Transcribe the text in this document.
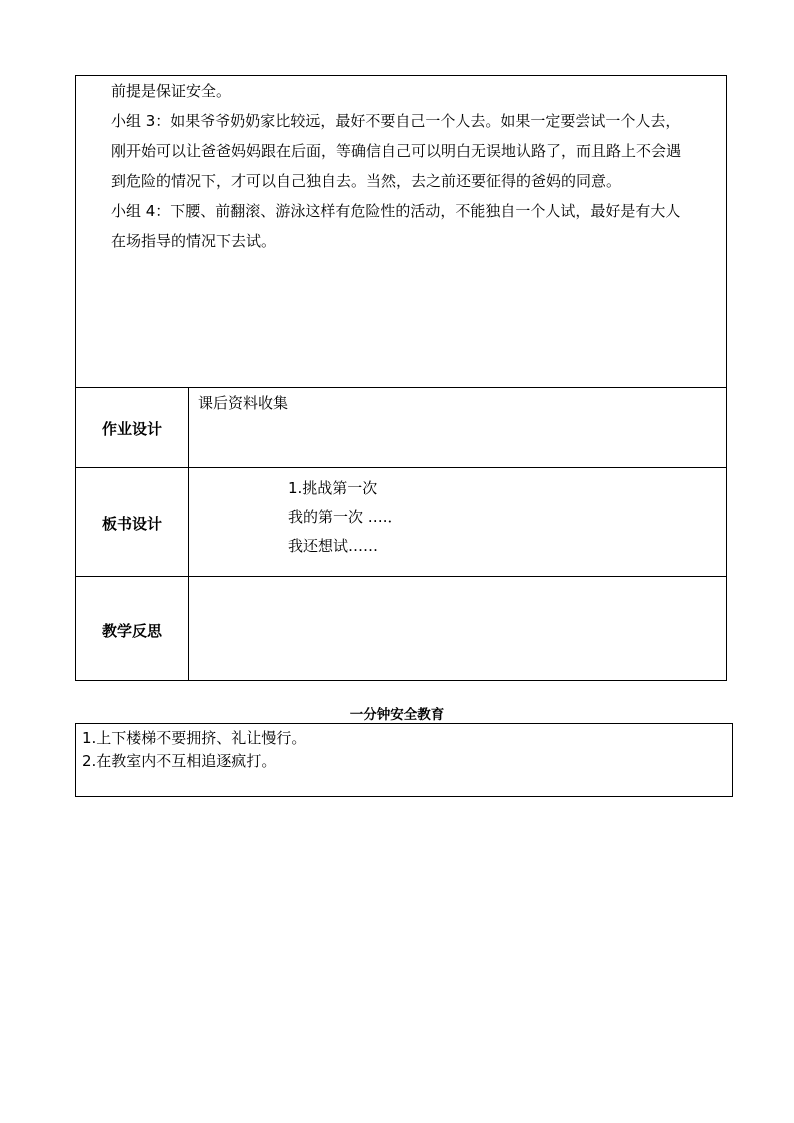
前提是保证安全。
小组 3：如果爷爷奶奶家比较远，最好不要自己一个人去。如果一定要尝试一个人去，
刚开始可以让爸爸妈妈跟在后面，等确信自己可以明白无误地认路了，而且路上不会遇
到危险的情况下，才可以自己独自去。当然，去之前还要征得的爸妈的同意。
小组 4：下腰、前翻滚、游泳这样有危险性的活动，不能独自一个人试，最好是有大人
在场指导的情况下去试。
作业设计
课后资料收集
板书设计
1.挑战第一次
我的第一次 ….．
我还想试……
教学反思
一分钟安全教育
1.上下楼梯不要拥挤、礼让慢行。
2.在教室内不互相追逐疯打。
